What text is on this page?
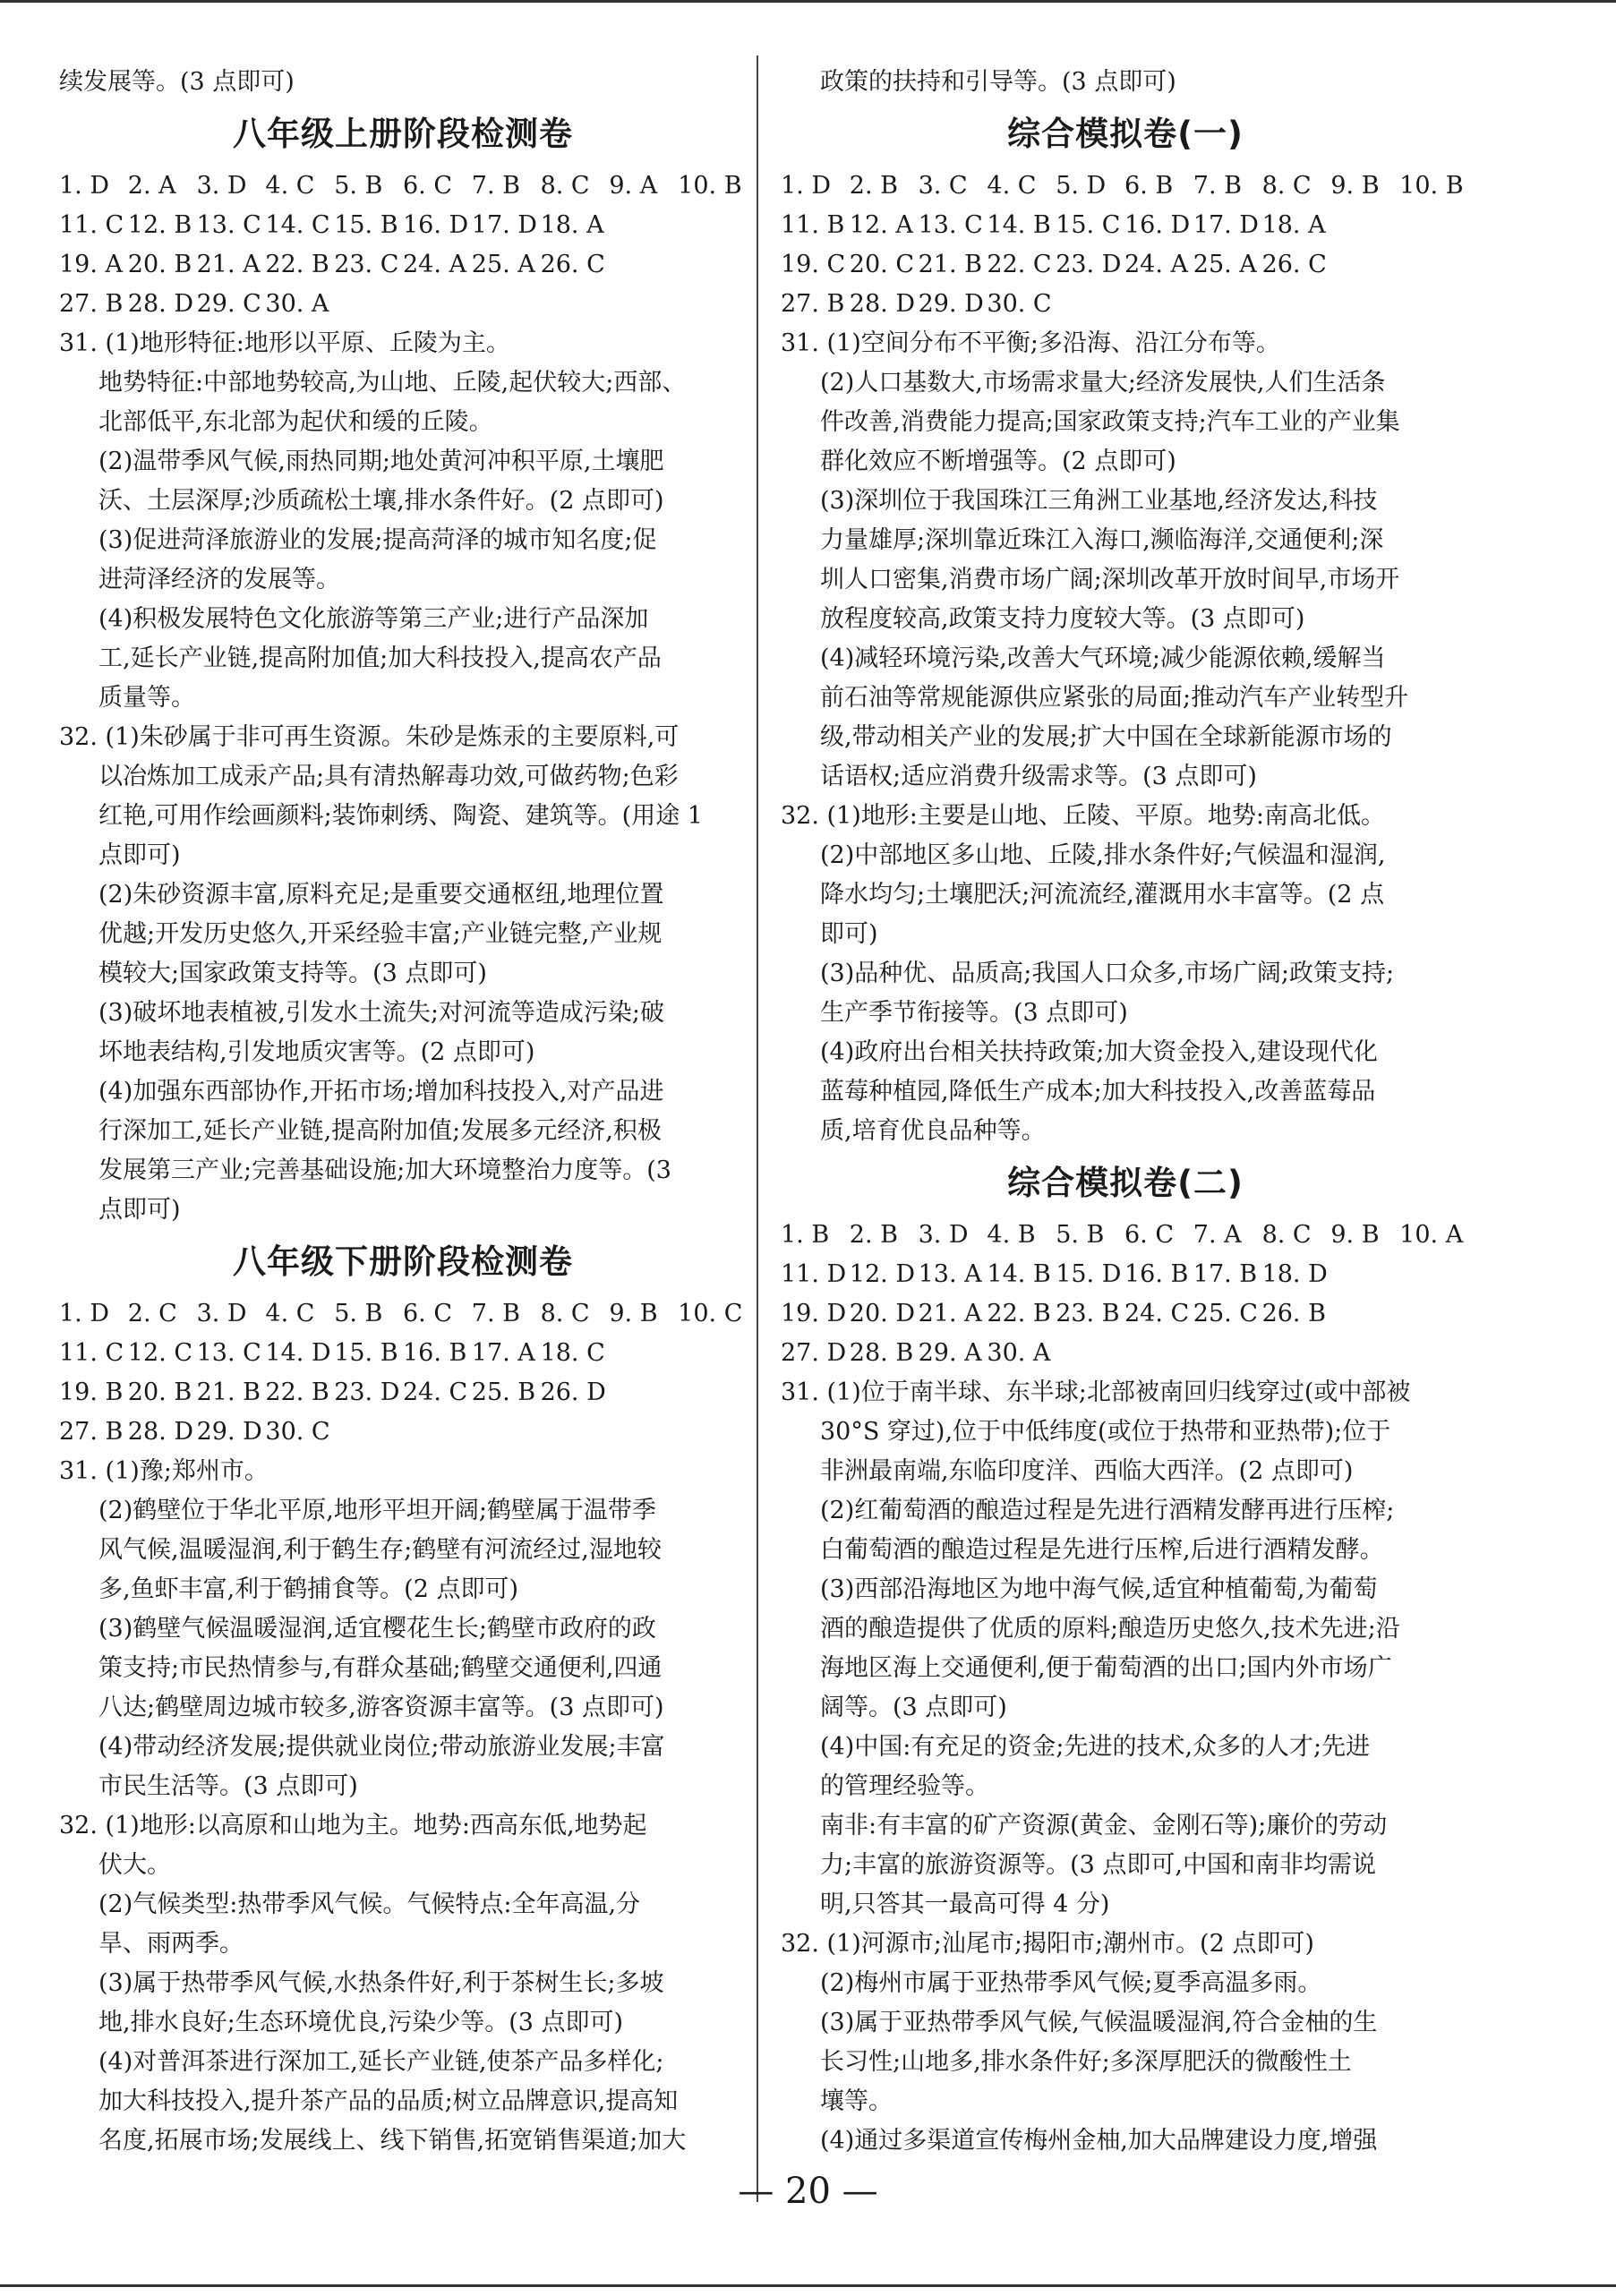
续发展等。(3 点即可)
八年级上册阶段检测卷
1. D 2. A 3. D 4. C 5. B 6. C 7. B 8. C 9. A 10. B
11. C 12. B 13. C 14. C 15. B 16. D 17. D 18. A
19. A 20. B 21. A 22. B 23. C 24. A 25. A 26. C
27. B 28. D 29. C 30. A
31. (1)地形特征:地形以平原、丘陵为主。
地势特征:中部地势较高,为山地、丘陵,起伏较大;西部、
北部低平,东北部为起伏和缓的丘陵。
(2)温带季风气候,雨热同期;地处黄河冲积平原,土壤肥
沃、土层深厚;沙质疏松土壤,排水条件好。(2 点即可)
(3)促进菏泽旅游业的发展;提高菏泽的城市知名度;促
进菏泽经济的发展等。
(4)积极发展特色文化旅游等第三产业;进行产品深加
工,延长产业链,提高附加值;加大科技投入,提高农产品
质量等。
32. (1)朱砂属于非可再生资源。朱砂是炼汞的主要原料,可
以冶炼加工成汞产品;具有清热解毒功效,可做药物;色彩
红艳,可用作绘画颜料;装饰刺绣、陶瓷、建筑等。(用途 1
点即可)
(2)朱砂资源丰富,原料充足;是重要交通枢纽,地理位置
优越;开发历史悠久,开采经验丰富;产业链完整,产业规
模较大;国家政策支持等。(3 点即可)
(3)破坏地表植被,引发水土流失;对河流等造成污染;破
坏地表结构,引发地质灾害等。(2 点即可)
(4)加强东西部协作,开拓市场;增加科技投入,对产品进
行深加工,延长产业链,提高附加值;发展多元经济,积极
发展第三产业;完善基础设施;加大环境整治力度等。(3
点即可)
八年级下册阶段检测卷
1. D 2. C 3. D 4. C 5. B 6. C 7. B 8. C 9. B 10. C
11. C 12. C 13. C 14. D 15. B 16. B 17. A 18. C
19. B 20. B 21. B 22. B 23. D 24. C 25. B 26. D
27. B 28. D 29. D 30. C
31. (1)豫;郑州市。
(2)鹤壁位于华北平原,地形平坦开阔;鹤壁属于温带季
风气候,温暖湿润,利于鹤生存;鹤壁有河流经过,湿地较
多,鱼虾丰富,利于鹤捕食等。(2 点即可)
(3)鹤壁气候温暖湿润,适宜樱花生长;鹤壁市政府的政
策支持;市民热情参与,有群众基础;鹤壁交通便利,四通
八达;鹤壁周边城市较多,游客资源丰富等。(3 点即可)
(4)带动经济发展;提供就业岗位;带动旅游业发展;丰富
市民生活等。(3 点即可)
32. (1)地形:以高原和山地为主。地势:西高东低,地势起
伏大。
(2)气候类型:热带季风气候。气候特点:全年高温,分
旱、雨两季。
(3)属于热带季风气候,水热条件好,利于茶树生长;多坡
地,排水良好;生态环境优良,污染少等。(3 点即可)
(4)对普洱茶进行深加工,延长产业链,使茶产品多样化;
加大科技投入,提升茶产品的品质;树立品牌意识,提高知
名度,拓展市场;发展线上、线下销售,拓宽销售渠道;加大
政策的扶持和引导等。(3 点即可)
综合模拟卷(一)
1. D 2. B 3. C 4. C 5. D 6. B 7. B 8. C 9. B 10. B
11. B 12. A 13. C 14. B 15. C 16. D 17. D 18. A
19. C 20. C 21. B 22. C 23. D 24. A 25. A 26. C
27. B 28. D 29. D 30. C
31. (1)空间分布不平衡;多沿海、沿江分布等。
(2)人口基数大,市场需求量大;经济发展快,人们生活条
件改善,消费能力提高;国家政策支持;汽车工业的产业集
群化效应不断增强等。(2 点即可)
(3)深圳位于我国珠江三角洲工业基地,经济发达,科技
力量雄厚;深圳靠近珠江入海口,濒临海洋,交通便利;深
圳人口密集,消费市场广阔;深圳改革开放时间早,市场开
放程度较高,政策支持力度较大等。(3 点即可)
(4)减轻环境污染,改善大气环境;减少能源依赖,缓解当
前石油等常规能源供应紧张的局面;推动汽车产业转型升
级,带动相关产业的发展;扩大中国在全球新能源市场的
话语权;适应消费升级需求等。(3 点即可)
32. (1)地形:主要是山地、丘陵、平原。地势:南高北低。
(2)中部地区多山地、丘陵,排水条件好;气候温和湿润,
降水均匀;土壤肥沃;河流流经,灌溉用水丰富等。(2 点
即可)
(3)品种优、品质高;我国人口众多,市场广阔;政策支持;
生产季节衔接等。(3 点即可)
(4)政府出台相关扶持政策;加大资金投入,建设现代化
蓝莓种植园,降低生产成本;加大科技投入,改善蓝莓品
质,培育优良品种等。
综合模拟卷(二)
1. B 2. B 3. D 4. B 5. B 6. C 7. A 8. C 9. B 10. A
11. D 12. D 13. A 14. B 15. D 16. B 17. B 18. D
19. D 20. D 21. A 22. B 23. B 24. C 25. C 26. B
27. D 28. B 29. A 30. A
31. (1)位于南半球、东半球;北部被南回归线穿过(或中部被
30°S 穿过),位于中低纬度(或位于热带和亚热带);位于
非洲最南端,东临印度洋、西临大西洋。(2 点即可)
(2)红葡萄酒的酿造过程是先进行酒精发酵再进行压榨;
白葡萄酒的酿造过程是先进行压榨,后进行酒精发酵。
(3)西部沿海地区为地中海气候,适宜种植葡萄,为葡萄
酒的酿造提供了优质的原料;酿造历史悠久,技术先进;沿
海地区海上交通便利,便于葡萄酒的出口;国内外市场广
阔等。(3 点即可)
(4)中国:有充足的资金;先进的技术,众多的人才;先进
的管理经验等。
南非:有丰富的矿产资源(黄金、金刚石等);廉价的劳动
力;丰富的旅游资源等。(3 点即可,中国和南非均需说
明,只答其一最高可得 4 分)
32. (1)河源市;汕尾市;揭阳市;潮州市。(2 点即可)
(2)梅州市属于亚热带季风气候;夏季高温多雨。
(3)属于亚热带季风气候,气候温暖湿润,符合金柚的生
长习性;山地多,排水条件好;多深厚肥沃的微酸性土
壤等。
(4)通过多渠道宣传梅州金柚,加大品牌建设力度,增强
— 20 —
